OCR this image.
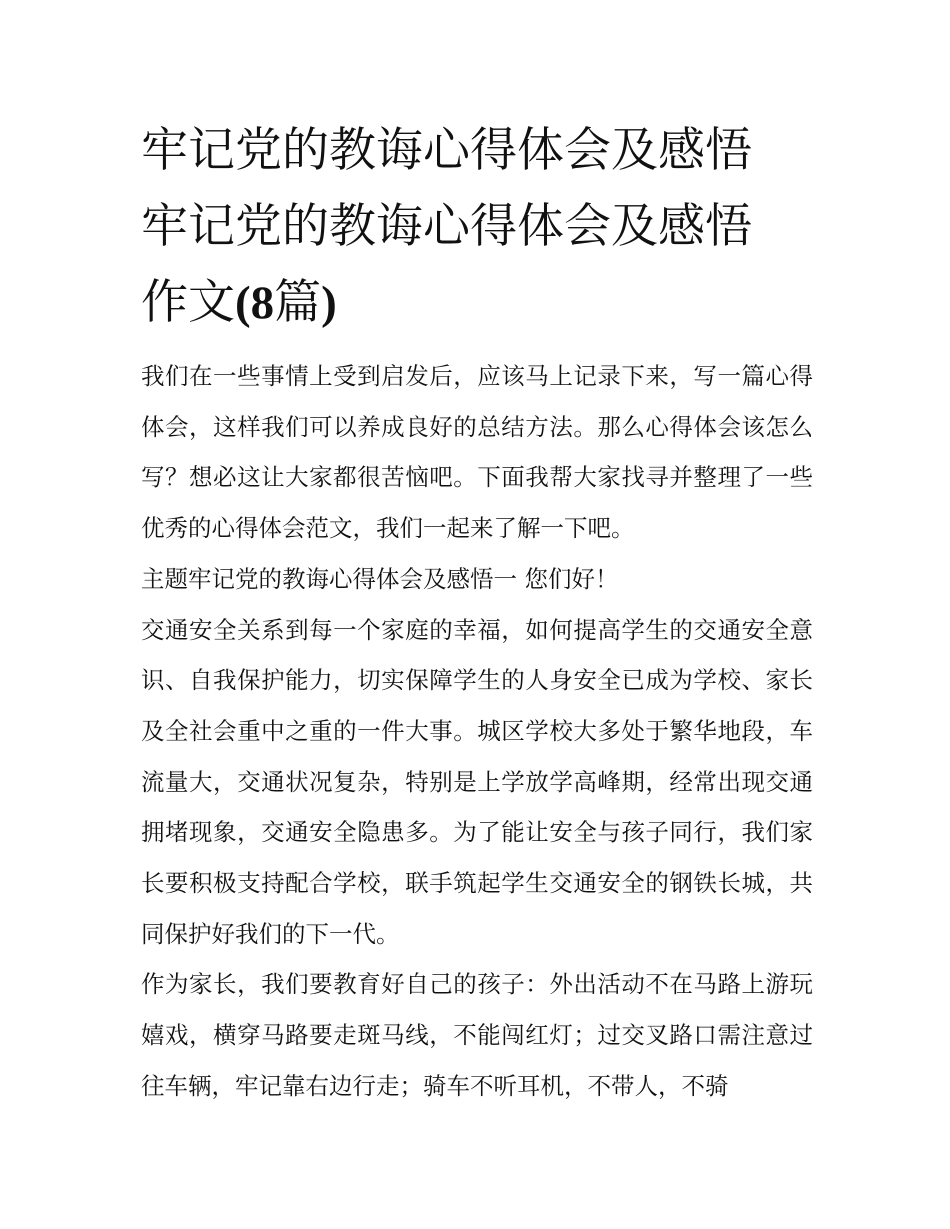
牢记党的教诲心得体会及感悟
牢记党的教诲心得体会及感悟
作文(8篇)

我们在一些事情上受到启发后，应该马上记录下来，写一篇心得体会，这样我们可以养成良好的总结方法。那么心得体会该怎么写？想必这让大家都很苦恼吧。下面我帮大家找寻并整理了一些优秀的心得体会范文，我们一起来了解一下吧。

主题牢记党的教诲心得体会及感悟一 您们好！

交通安全关系到每一个家庭的幸福，如何提高学生的交通安全意识、自我保护能力，切实保障学生的人身安全已成为学校、家长及全社会重中之重的一件大事。城区学校大多处于繁华地段，车流量大，交通状况复杂，特别是上学放学高峰期，经常出现交通拥堵现象，交通安全隐患多。为了能让安全与孩子同行，我们家长要积极支持配合学校，联手筑起学生交通安全的钢铁长城，共同保护好我们的下一代。

作为家长，我们要教育好自己的孩子：外出活动不在马路上游玩嬉戏，横穿马路要走斑马线，不能闯红灯；过交叉路口需注意过往车辆，牢记靠右边行走；骑车不听耳机，不带人，不骑
